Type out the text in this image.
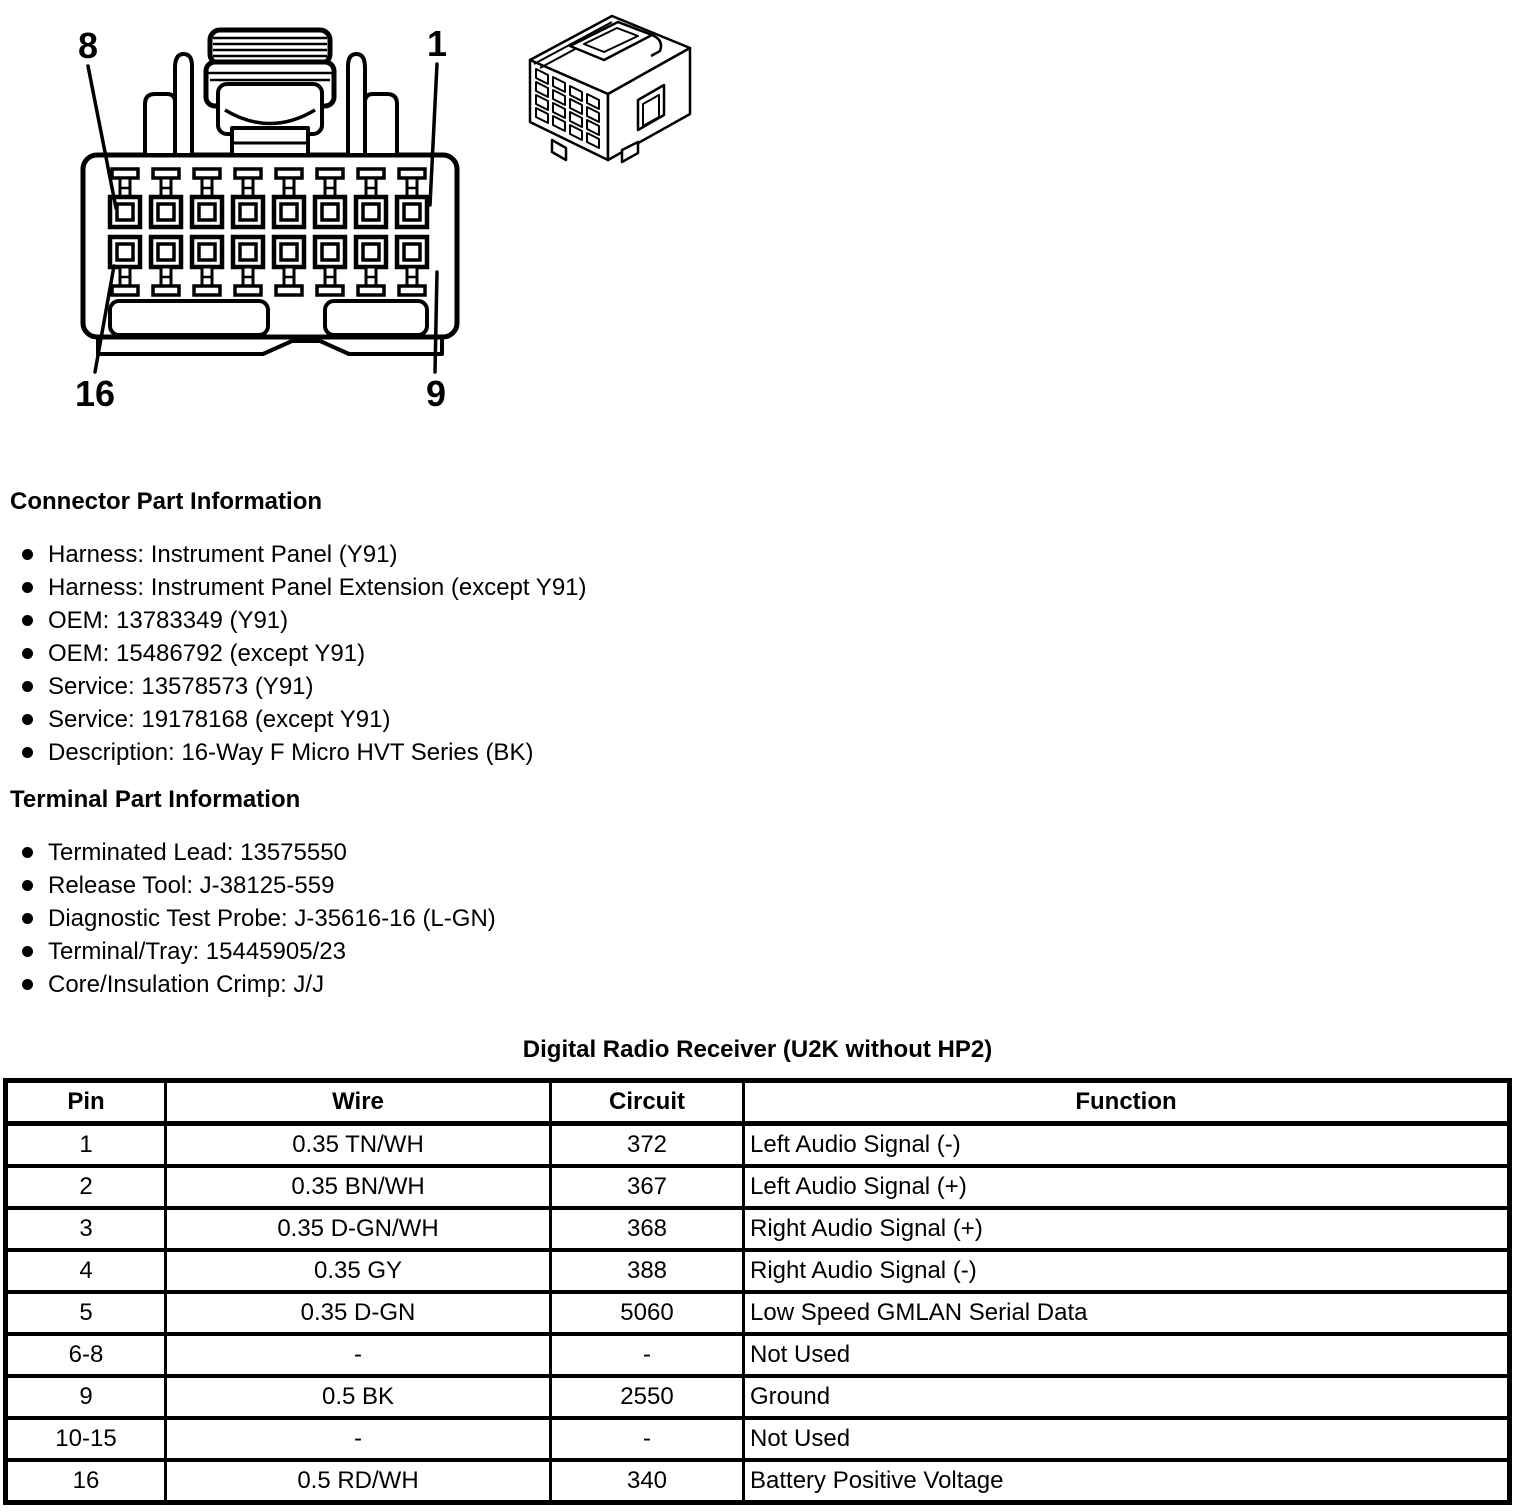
8	1
16	9
Connector Part Information
Harness: Instrument Panel (Y91)
Harness: Instrument Panel Extension (except Y91)
OEM: 13783349 (Y91)
OEM: 15486792 (except Y91)
Service: 13578573 (Y91)
Service: 19178168 (except Y91)
Description: 16-Way F Micro HVT Series (BK)
Terminal Part Information
Terminated Lead: 13575550
Release Tool: J-38125-559
Diagnostic Test Probe: J-35616-16 (L-GN)
Terminal/Tray: 15445905/23
Core/Insulation Crimp: J/J
Digital Radio Receiver (U2K without HP2)
Pin	Wire	Circuit	Function
1	0.35 TN/WH	372	Left Audio Signal (-)
2	0.35 BN/WH	367	Left Audio Signal (+)
3	0.35 D-GN/WH	368	Right Audio Signal (+)
4	0.35 GY	388	Right Audio Signal (-)
5	0.35 D-GN	5060	Low Speed GMLAN Serial Data
6-8	-	-	Not Used
9	0.5 BK	2550	Ground
10-15	-	-	Not Used
16	0.5 RD/WH	340	Battery Positive Voltage
